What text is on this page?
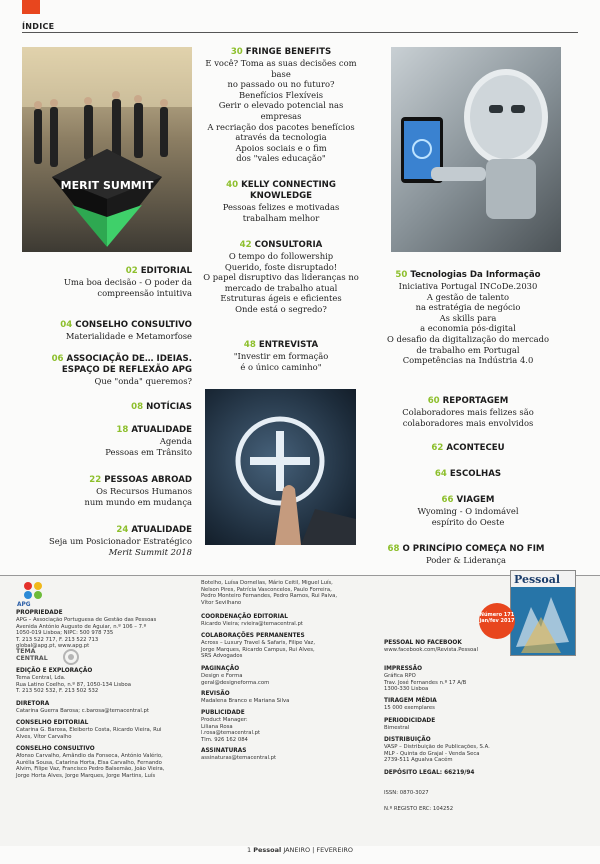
ÍNDICE
MERIT SUMMIT
30 FRINGE BENEFITS
E você? Toma as suas decisões com base
no passado ou no futuro?
Benefícios Flexíveis
Gerir o elevado potencial nas empresas
A recriação dos pacotes benefícios
através da tecnologia
Apoios sociais e o fim
dos "vales educação"
40 KELLY CONNECTING
KNOWLEDGE
Pessoas felizes e motivadas
trabalham melhor
42 CONSULTORIA
O tempo do followership
Querido, foste disruptado!
O papel disruptivo das lideranças no
mercado de trabalho atual
Estruturas ágeis e eficientes
Onde está o segredo?
48 ENTREVISTA
"Investir em formação
é o único caminho"
02 EDITORIAL
Uma boa decisão - O poder da
compreensão intuitiva
04 CONSELHO CONSULTIVO
Materialidade e Metamorfose
06 ASSOCIAÇÃO DE… IDEIAS.
ESPAÇO DE REFLEXÃO APG
Que "onda" queremos?
08 NOTÍCIAS
18 ATUALIDADE
Agenda
Pessoas em Trânsito
22 PESSOAS ABROAD
Os Recursos Humanos
num mundo em mudança
24 ATUALIDADE
Seja um Posicionador Estratégico
Merit Summit 2018
50 Tecnologias Da Informação
Iniciativa Portugal INCoDe.2030
A gestão de talento
na estratégia de negócio
As skills para
a economia pós-digital
O desafio da digitalização do mercado
de trabalho em Portugal
Competências na Indústria 4.0
60 REPORTAGEM
Colaboradores mais felizes são
colaboradores mais envolvidos
62 ACONTECEU
64 ESCOLHAS
66 VIAGEM
Wyoming - O indomável
espírito do Oeste
68 O PRINCÍPIO COMEÇA NO FIM
Poder & Liderança
APG
PROPRIEDADE
APG – Associação Portuguesa de Gestão das Pessoas
Avenida António Augusto de Aguiar, n.º 106 – 7.º
1050-019 Lisboa; NIPC: 500 978 735
T. 213 522 717, F. 213 522 713
global@apg.pt, www.apg.pt
TEMA CENTRAL
EDIÇÃO E EXPLORAÇÃO
Tema Central, Lda.
Rua Latino Coelho, n.º 87, 1050-134 Lisboa
T. 213 502 532, F. 213 502 532
DIRETORA
Catarina Guerra Barosa; c.barosa@temacentral.pt
CONSELHO EDITORIAL
Catarina G. Barosa, Eleiberto Costa, Ricardo Vieira, Rui
Alves, Vítor Carvalho
CONSELHO CONSULTIVO
Afonso Carvalho, Amândio da Fonseca, António Valério,
Aurélia Sousa, Catarina Horta, Elsa Carvalho, Fernando
Alvim, Filipe Vaz, Francisco Pedro Balsemão, João Vieira,
Jorge Horta Alves, Jorge Marques, Jorge Martins, Luís
Botelho, Luísa Dornellas, Mário Ceitil, Miguel Luís,
Nelson Pires, Patrícia Vasconcelos, Paulo Forreira,
Pedro Monteiro Fernandes, Pedro Ramos, Rui Paiva,
Vítor Sevilhano
COORDENAÇÃO EDITORIAL
Ricardo Vieira; rvieira@temacentral.pt
COLABORAÇÕES PERMANENTES
Across – Luxury Travel & Safaris, Filipe Vaz,
Jorge Marques, Ricardo Campus, Rui Alves,
SRS Advogados
PAGINAÇÃO
Design e Forma
geral@designeforma.com
REVISÃO
Madalena Branco e Mariana Silva
PUBLICIDADE
Product Manager:
Liliana Rosa
l.rosa@temacentral.pt
Tlm. 926 162 084
ASSINATURAS
assinaturas@temacentral.pt
PESSOAL NO FACEBOOK
www.facebook.com/Revista.Pessoal
IMPRESSÃO
Gráfica RPO
Trav. José Fernandes n.º 17 A/B
1300-330 Lisboa
TIRAGEM MÉDIA
15 000 exemplares
PERIODICIDADE
Bimestral
DISTRIBUIÇÃO
VASP – Distribuição de Publicações, S.A.
MLP - Quinta do Grajal - Venda Seca
2739-511 Agualva Cacém
DEPÓSITO LEGAL: 66219/94
ISSN: 0870-3027
N.º REGISTO ERC: 104252
Pessoal
Número 171
jan/fev 2017
1 Pessoal JANEIRO | FEVEREIRO
